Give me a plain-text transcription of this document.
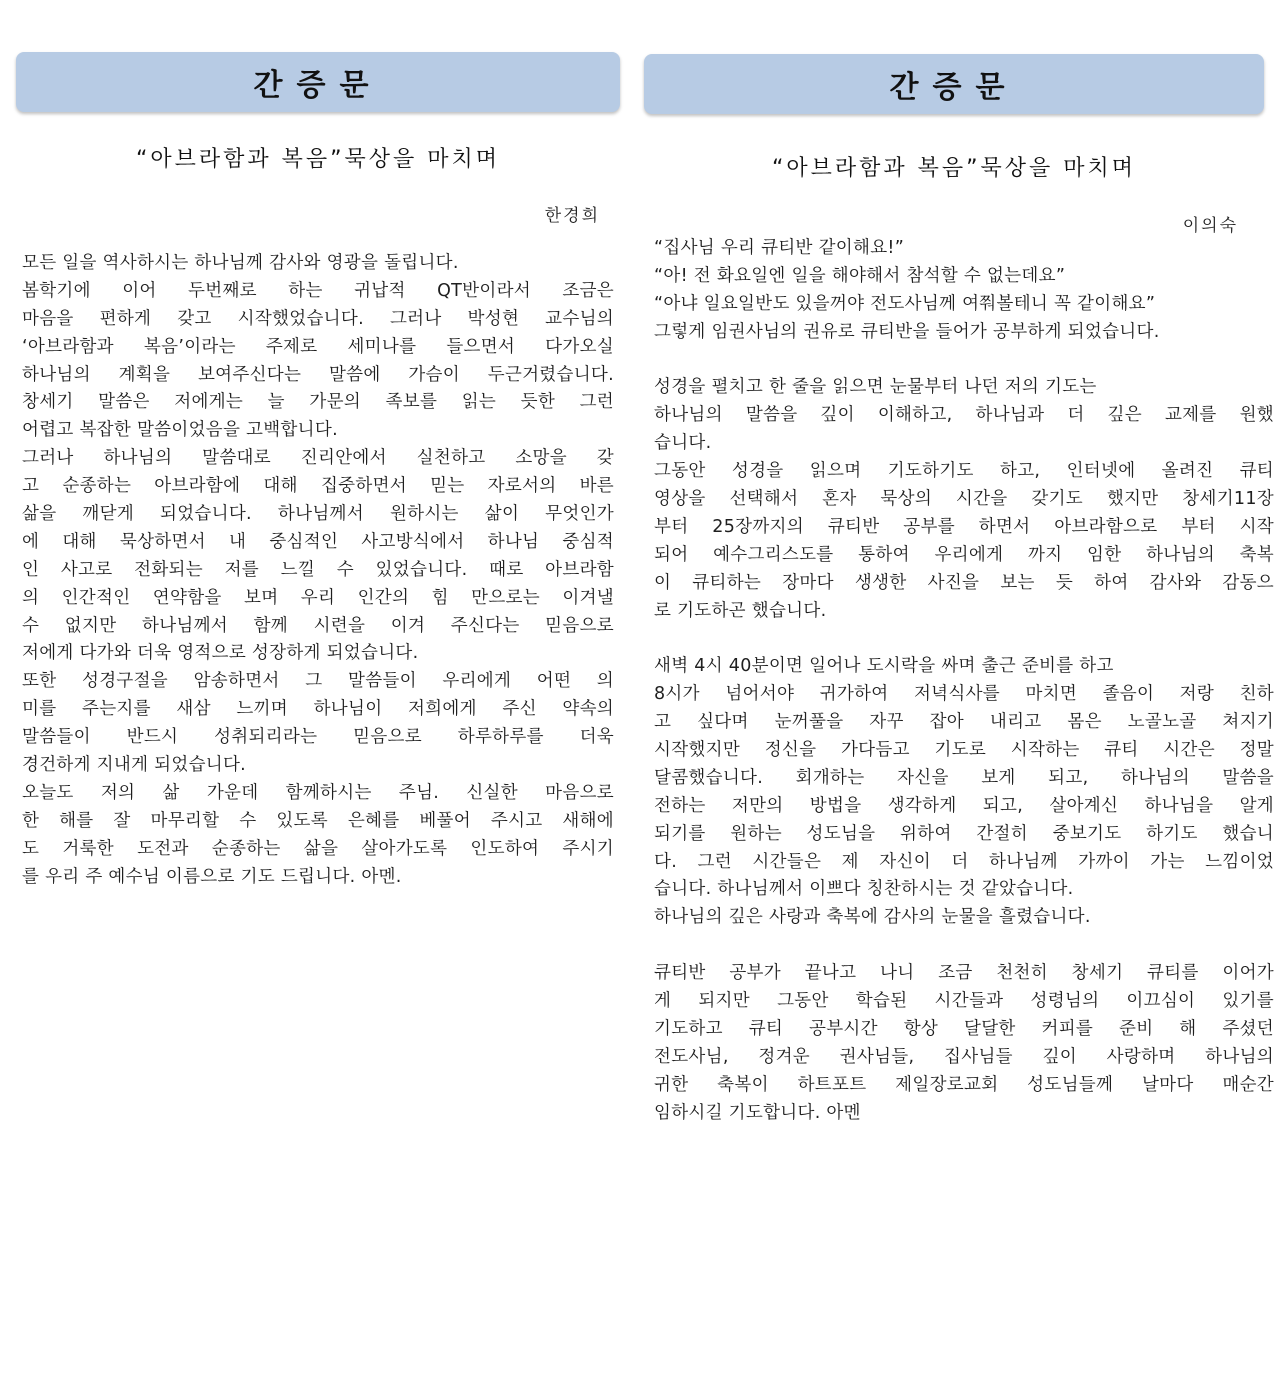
간증문
“아브라함과 복음”묵상을 마치며
한경희
모든 일을 역사하시는 하나님께 감사와 영광을 돌립니다.
봄학기에 이어 두번째로 하는 귀납적 QT반이라서 조금은
마음을 편하게 갖고 시작했었습니다. 그러나 박성현 교수님의
‘아브라함과 복음’이라는 주제로 세미나를 들으면서 다가오실
하나님의 계획을 보여주신다는 말씀에 가슴이 두근거렸습니다.
창세기 말씀은 저에게는 늘 가문의 족보를 읽는 듯한 그런
어렵고 복잡한 말씀이었음을 고백합니다.
그러나 하나님의 말씀대로 진리안에서 실천하고 소망을 갖
고 순종하는 아브라함에 대해 집중하면서 믿는 자로서의 바른
삶을 깨닫게 되었습니다. 하나님께서 원하시는 삶이 무엇인가
에 대해 묵상하면서 내 중심적인 사고방식에서 하나님 중심적
인 사고로 전화되는 저를 느낄 수 있었습니다. 때로 아브라함
의 인간적인 연약함을 보며 우리 인간의 힘 만으로는 이겨낼
수 없지만 하나님께서 함께 시련을 이겨 주신다는 믿음으로
저에게 다가와 더욱 영적으로 성장하게 되었습니다.
또한 성경구절을 암송하면서 그 말씀들이 우리에게 어떤 의
미를 주는지를 새삼 느끼며 하나님이 저희에게 주신 약속의
말씀들이 반드시 성취되리라는 믿음으로 하루하루를 더욱
경건하게 지내게 되었습니다.
오늘도 저의 삶 가운데 함께하시는 주님. 신실한 마음으로
한 해를 잘 마무리할 수 있도록 은혜를 베풀어 주시고 새해에
도 거룩한 도전과 순종하는 삶을 살아가도록 인도하여 주시기
를 우리 주 예수님 이름으로 기도 드립니다. 아멘.
간증문
“아브라함과 복음”묵상을 마치며
이의숙
“집사님 우리 큐티반 같이해요!”
“아! 전 화요일엔 일을 해야해서 참석할 수 없는데요”
“아냐 일요일반도 있을꺼야 전도사님께 여쭤볼테니 꼭 같이해요”
그렇게 임권사님의 권유로 큐티반을 들어가 공부하게 되었습니다.
성경을 펼치고 한 줄을 읽으면 눈물부터 나던 저의 기도는
하나님의 말씀을 깊이 이해하고, 하나님과 더 깊은 교제를 원했
습니다.
그동안 성경을 읽으며 기도하기도 하고, 인터넷에 올려진 큐티
영상을 선택해서 혼자 묵상의 시간을 갖기도 했지만 창세기11장
부터 25장까지의 큐티반 공부를 하면서 아브라함으로 부터 시작
되어 예수그리스도를 통하여 우리에게 까지 임한 하나님의 축복
이 큐티하는 장마다 생생한 사진을 보는 듯 하여 감사와 감동으
로 기도하곤 했습니다.
새벽 4시 40분이면 일어나 도시락을 싸며 출근 준비를 하고
8시가 넘어서야 귀가하여 저녁식사를 마치면 졸음이 저랑 친하
고 싶다며 눈꺼풀을 자꾸 잡아 내리고 몸은 노골노골 쳐지기
시작했지만 정신을 가다듬고 기도로 시작하는 큐티 시간은 정말
달콤했습니다. 회개하는 자신을 보게 되고, 하나님의 말씀을
전하는 저만의 방법을 생각하게 되고, 살아계신 하나님을 알게
되기를 원하는 성도님을 위하여 간절히 중보기도 하기도 했습니
다. 그런 시간들은 제 자신이 더 하나님께 가까이 가는 느낌이었
습니다. 하나님께서 이쁘다 칭찬하시는 것 같았습니다.
하나님의 깊은 사랑과 축복에 감사의 눈물을 흘렸습니다.
큐티반 공부가 끝나고 나니 조금 천천히 창세기 큐티를 이어가
게 되지만 그동안 학습된 시간들과 성령님의 이끄심이 있기를
기도하고 큐티 공부시간 항상 달달한 커피를 준비 해 주셨던
전도사님, 정겨운 권사님들, 집사님들 깊이 사랑하며 하나님의
귀한 축복이 하트포트 제일장로교회 성도님들께 날마다 매순간
임하시길 기도합니다. 아멘
